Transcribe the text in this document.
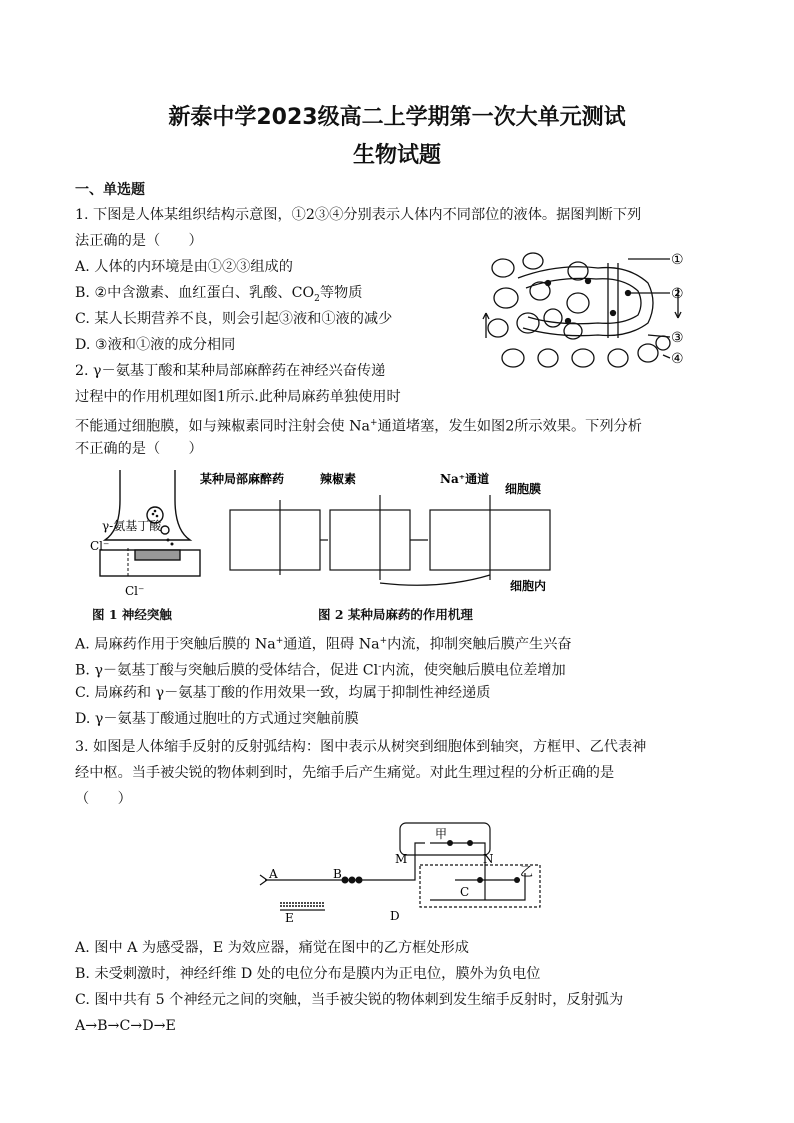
新泰中学2023级高二上学期第一次大单元测试
生物试题
一、单选题
1. 下图是人体某组织结构示意图，①2③④分别表示人体内不同部位的液体。据图判断下列
法正确的是（　　）
A. 人体的内环境是由①②③组成的
B. ②中含激素、血红蛋白、乳酸、$CO_2$等物质
C. 某人长期营养不良，则会引起③液和①液的减少
D. ③液和①液的成分相同
①
②
③
④
2. γ－氨基丁酸和某种局部麻醉药在神经兴奋传递
过程中的作用机理如图1所示.此种局麻药单独使用时
不能通过细胞膜，如与辣椒素同时注射会使 Na+通道堵塞，发生如图2所示效果。下列分析
不正确的是（　　）
γ-氨基丁酸
Cl⁻
Cl⁻
图 1 神经突触
某种局部麻醉药	辣椒素	Na⁺通道
细胞膜
细胞内
图 2 某种局麻药的作用机理
A. 局麻药作用于突触后膜的 Na+通道，阻碍 Na+内流，抑制突触后膜产生兴奋
B. γ－氨基丁酸与突触后膜的受体结合，促进 Cl-内流，使突触后膜电位差增加
C. 局麻药和 γ－氨基丁酸的作用效果一致，均属于抑制性神经递质
D. γ－氨基丁酸通过胞吐的方式通过突触前膜
3. 如图是人体缩手反射的反射弧结构：图中表示从树突到细胞体到轴突，方框甲、乙代表神
经中枢。当手被尖锐的物体刺到时，先缩手后产生痛觉。对此生理过程的分析正确的是
（　　）
甲
乙
A	B
C
D
E
M	N
A. 图中 A 为感受器，E 为效应器，痛觉在图中的乙方框处形成
B. 未受刺激时，神经纤维 D 处的电位分布是膜内为正电位，膜外为负电位
C. 图中共有 5 个神经元之间的突触，当手被尖锐的物体刺到发生缩手反射时，反射弧为
A→B→C→D→E
